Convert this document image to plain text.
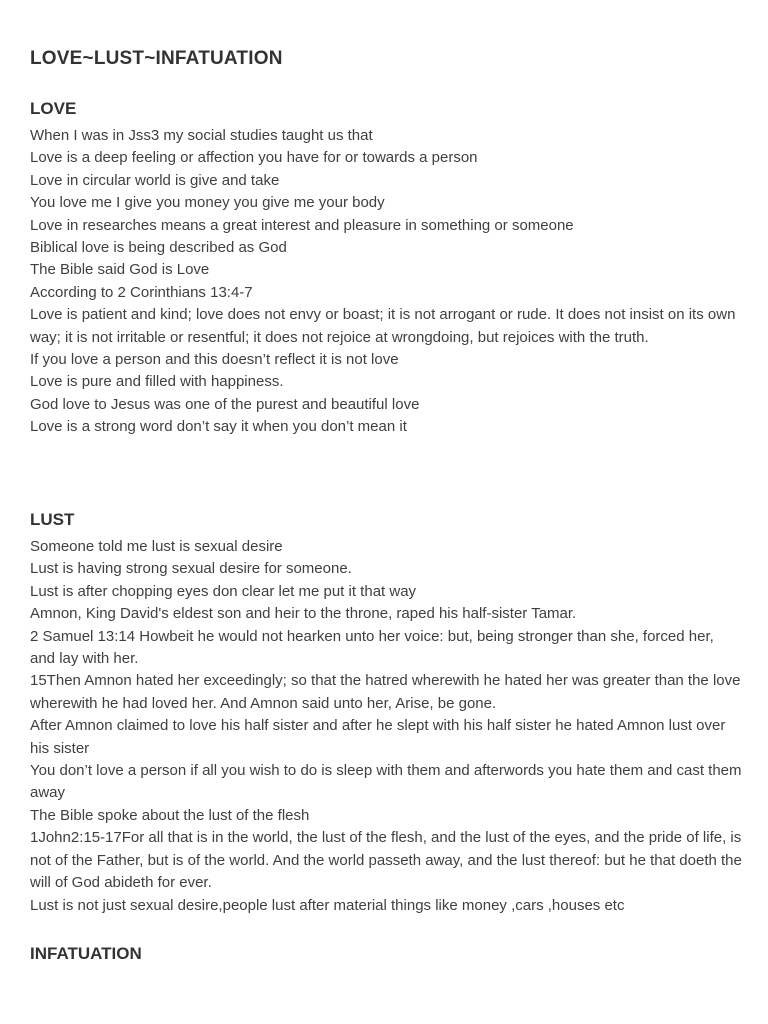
LOVE~LUST~INFATUATION
LOVE
When I was in Jss3 my social studies taught us that
Love is a deep feeling or affection you have for or towards a person
Love in circular world is give and take
You love me I give you money you give me your body
Love in researches means a great interest and pleasure in something or someone
Biblical love is being described as God
The Bible said God is Love
According to 2 Corinthians 13:4-7
Love is patient and kind; love does not envy or boast; it is not arrogant or rude. It does not insist on its own way; it is not irritable or resentful; it does not rejoice at wrongdoing, but rejoices with the truth.
If you love a person and this doesn’t reflect it is not love
Love is pure and filled with happiness.
God love to Jesus was one of the purest and beautiful love
Love is a strong word don’t say it when you don’t mean it
LUST
Someone told me lust is sexual desire
Lust is having strong sexual desire for someone.
Lust is after chopping eyes don clear let me put it that way
Amnon, King David's eldest son and heir to the throne, raped his half-sister Tamar.
2 Samuel 13:14 Howbeit he would not hearken unto her voice: but, being stronger than she, forced her, and lay with her.
15Then Amnon hated her exceedingly; so that the hatred wherewith he hated her was greater than the love wherewith he had loved her. And Amnon said unto her, Arise, be gone.
After Amnon claimed to love his half sister and after he slept with his half sister he hated Amnon lust over his sister
You don’t love a person if all you wish to do is sleep with them and afterwords you hate them and cast them away
The Bible spoke about the lust of the flesh
1John2:15-17For all that is in the world, the lust of the flesh, and the lust of the eyes, and the pride of life, is not of the Father, but is of the world. And the world passeth away, and the lust thereof: but he that doeth the will of God abideth for ever.
Lust is not just sexual desire,people lust after material things like money ,cars ,houses etc
INFATUATION
